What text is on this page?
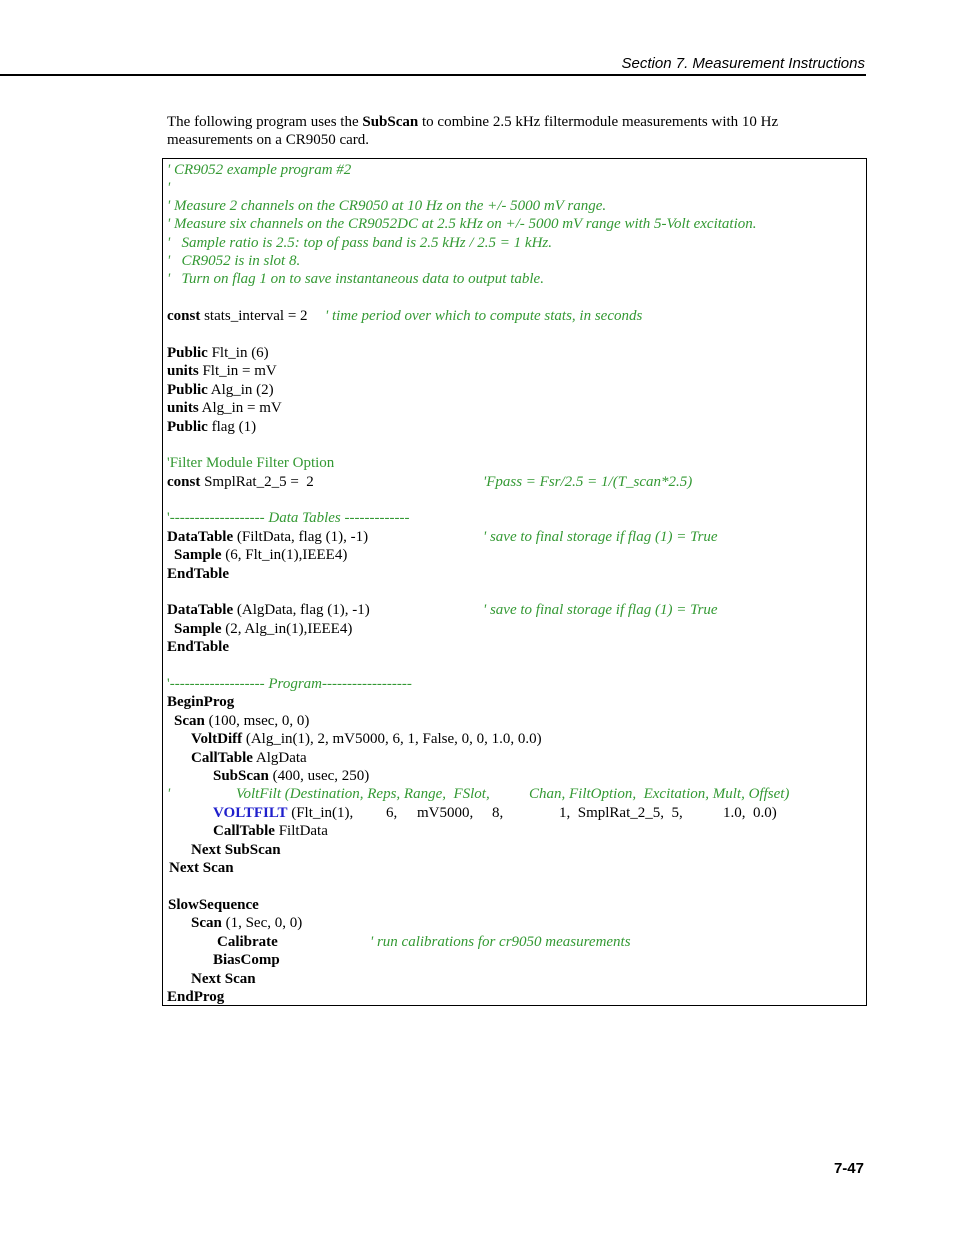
Section 7. Measurement Instructions
The following program uses the SubScan to combine 2.5 kHz filtermodule measurements with 10 Hz measurements on a CR9050 card.
' CR9052 example program #2
'
' Measure 2 channels on the CR9050 at 10 Hz on the +/- 5000 mV range.
' Measure six channels on the CR9052DC at 2.5 kHz on +/- 5000 mV range with 5-Volt excitation.
'   Sample ratio is 2.5: top of pass band is 2.5 kHz / 2.5 = 1 kHz.
'   CR9052 is in slot 8.
'   Turn on flag 1 on to save instantaneous data to output table.
const stats_interval = 2 ' time period over which to compute stats, in seconds
Public Flt_in (6)
units Flt_in = mV
Public Alg_in (2)
units Alg_in = mV
Public flag (1)
'Filter Module Filter Option
const SmplRat_2_5 =  2	'Fpass = Fsr/2.5 = 1/(T_scan*2.5)
'------------------- Data Tables -------------
DataTable (FiltData, flag (1), -1)	' save to final storage if flag (1) = True
Sample (6, Flt_in(1),IEEE4)
EndTable
DataTable (AlgData, flag (1), -1)	' save to final storage if flag (1) = True
Sample (2, Alg_in(1),IEEE4)
EndTable
'------------------- Program------------------
BeginProg
Scan (100, msec, 0, 0)
VoltDiff (Alg_in(1), 2, mV5000, 6, 1, False, 0, 0, 1.0, 0.0)
CallTable AlgData
SubScan (400, usec, 250)
'	VoltFilt (Destination, Reps, Range,  FSlot,	Chan, FiltOption,  Excitation, Mult, Offset)
VOLTFILT (Flt_in(1), 6, mV5000, 8,	1,  SmplRat_2_5,  5,	1.0,  0.0)
CallTable FiltData
Next SubScan
Next Scan
SlowSequence
Scan (1, Sec, 0, 0)
Calibrate	' run calibrations for cr9050 measurements
BiasComp
Next Scan
EndProg
7-47
